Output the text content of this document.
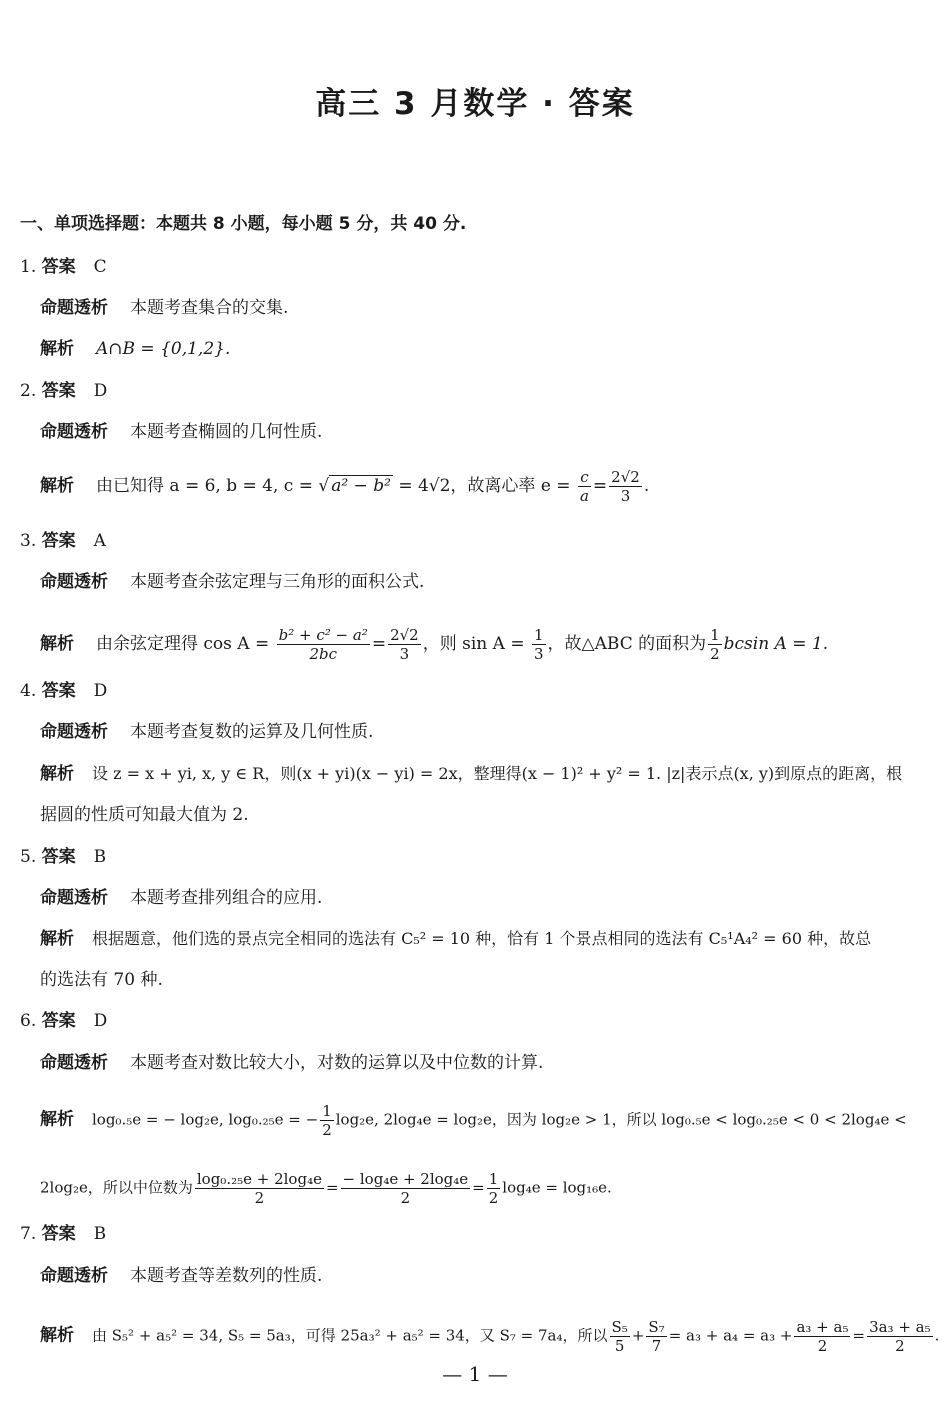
高三 3 月数学 · 答案
一、单项选择题：本题共 8 小题，每小题 5 分，共 40 分.
1. 答案 C
命题透析 本题考查集合的交集.
解析 A∩B = {0,1,2}.
2. 答案 D
命题透析 本题考查椭圆的几何性质.
解析 由已知得 a = 6, b = 4, c = √ a² − b² = 4√2，故离心率 $e = \frac{c}{a} = \frac{2√2}{3}$ .
3. 答案 A
命题透析 本题考查余弦定理与三角形的面积公式.
解析 由余弦定理得 $\cos A = \frac{\text{b² + c² − a²}}{2bc} = \frac{2√2}{3}$ ，则 $\sin A = \frac{1}{3}$ ，故△ABC 的面积为 $\frac{1}{2}$ bcsin A = 1.
4. 答案 D
命题透析 本题考查复数的运算及几何性质.
解析 设 z = x + yi, x, y ∈ R，则(x + yi)(x − yi) = 2x，整理得(x − 1)² + y² = 1. |z|表示点(x, y)到原点的距离，根
据圆的性质可知最大值为 2.
5. 答案 B
命题透析 本题考查排列组合的应用.
解析 根据题意，他们选的景点完全相同的选法有 C₅² = 10 种，恰有 1 个景点相同的选法有 C₅¹A₄² = 60 种，故总
的选法有 70 种.
6. 答案 D
命题透析 本题考查对数比较大小，对数的运算以及中位数的计算.
解析 log₀.₅e = − log₂e, log₀.₂₅e = − $\frac{1}{2} \log_2e$, 2log₄e = log₂e，因为 log₂e > 1，所以 log₀.₅e < log₀.₂₅e < 0 < 2log₄e <
2log₂e，所以中位数为 $\frac{\text{log₀.₂₅e + 2log₄e}}{2} = \frac{\text{− log₄e + 2log₄e}}{2} = \frac{1}{2} \log_4e = \log_{16}e$.
7. 答案 B
命题透析 本题考查等差数列的性质.
解析 由 S₅² + a₅² = 34, S₅ = 5a₃，可得 25a₃² + a₅² = 34，又 S₇ = 7a₄，所以 $\frac{\text{S₅}}{5} + \frac{\text{S₇}}{7} = a_3 + a_4 = a_3 + \frac{\text{a₃ + a₅}}{2} = \frac{\text{3a₃ + a₅}}{2}$ .
— 1 —
